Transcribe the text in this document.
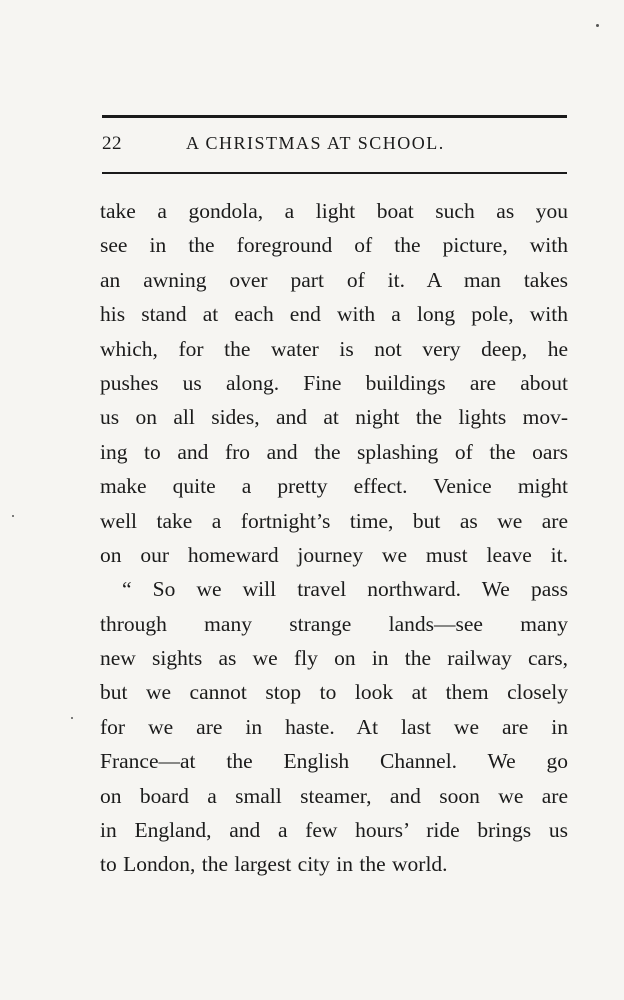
22	A CHRISTMAS AT SCHOOL.
take a gondola, a light boat such as you
see in the foreground of the picture, with
an awning over part of it. A man takes
his stand at each end with a long pole, with
which, for the water is not very deep, he
pushes us along. Fine buildings are about
us on all sides, and at night the lights mov-
ing to and fro and the splashing of the oars
make quite a pretty effect. Venice might
well take a fortnight’s time, but as we are
on our homeward journey we must leave it.
“ So we will travel northward. We pass
through many strange lands—see many
new sights as we fly on in the railway cars,
but we cannot stop to look at them closely
for we are in haste. At last we are in
France—at the English Channel. We go
on board a small steamer, and soon we are
in England, and a few hours’ ride brings us
to London, the largest city in the world.
